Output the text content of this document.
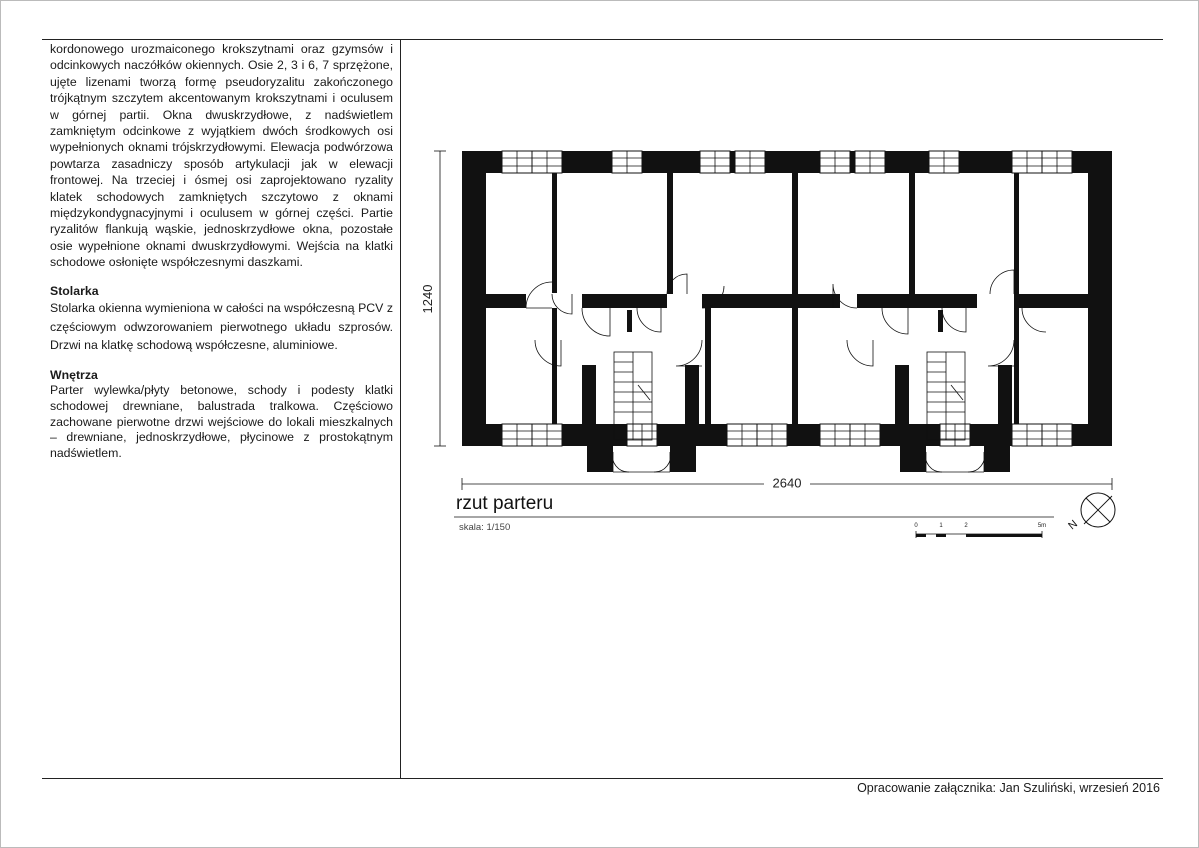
kordonowego urozmaiconego krokszytnami oraz gzymsów i odcinkowych naczółków okiennych. Osie 2, 3 i 6, 7 sprzężone, ujęte lizenami tworzą formę pseudoryzalitu zakończonego trójkątnym szczytem akcentowanym krokszytnami i oculusem w górnej partii. Okna dwuskrzydłowe, z nadświetlem zamkniętym odcinkowe z wyjątkiem dwóch środkowych osi wypełnionych oknami trójskrzydłowymi. Elewacja podwórzowa powtarza zasadniczy sposób artykulacji jak w elewacji frontowej. Na trzeciej i ósmej osi zaprojektowano ryzality klatek schodowych zamkniętych szczytowo z oknami międzykondygnacyjnymi i oculusem w górnej części. Partie ryzalitów flankują wąskie, jednoskrzydłowe okna, pozostałe osie wypełnione oknami dwuskrzydłowymi. Wejścia na klatki schodowe osłonięte współczesnymi daszkami.

Stolarka

Stolarka okienna wymieniona w całości na współczesną PCV z częściowym odwzorowaniem pierwotnego układu szprosów. Drzwi na klatkę schodową współczesne, aluminiowe.

Wnętrza

Parter wylewka/płyty betonowe, schody i podesty klatki schodowej drewniane, balustrada tralkowa. Częściowo zachowane pierwotne drzwi wejściowe do lokali mieszkalnych – drewniane, jednoskrzydłowe, płycinowe z prostokątnym nadświetlem.

1240
2640
rzut parteru
skala: 1/150	0	1	2	5m N
Opracowanie załącznika: Jan Szuliński, wrzesień 2016
